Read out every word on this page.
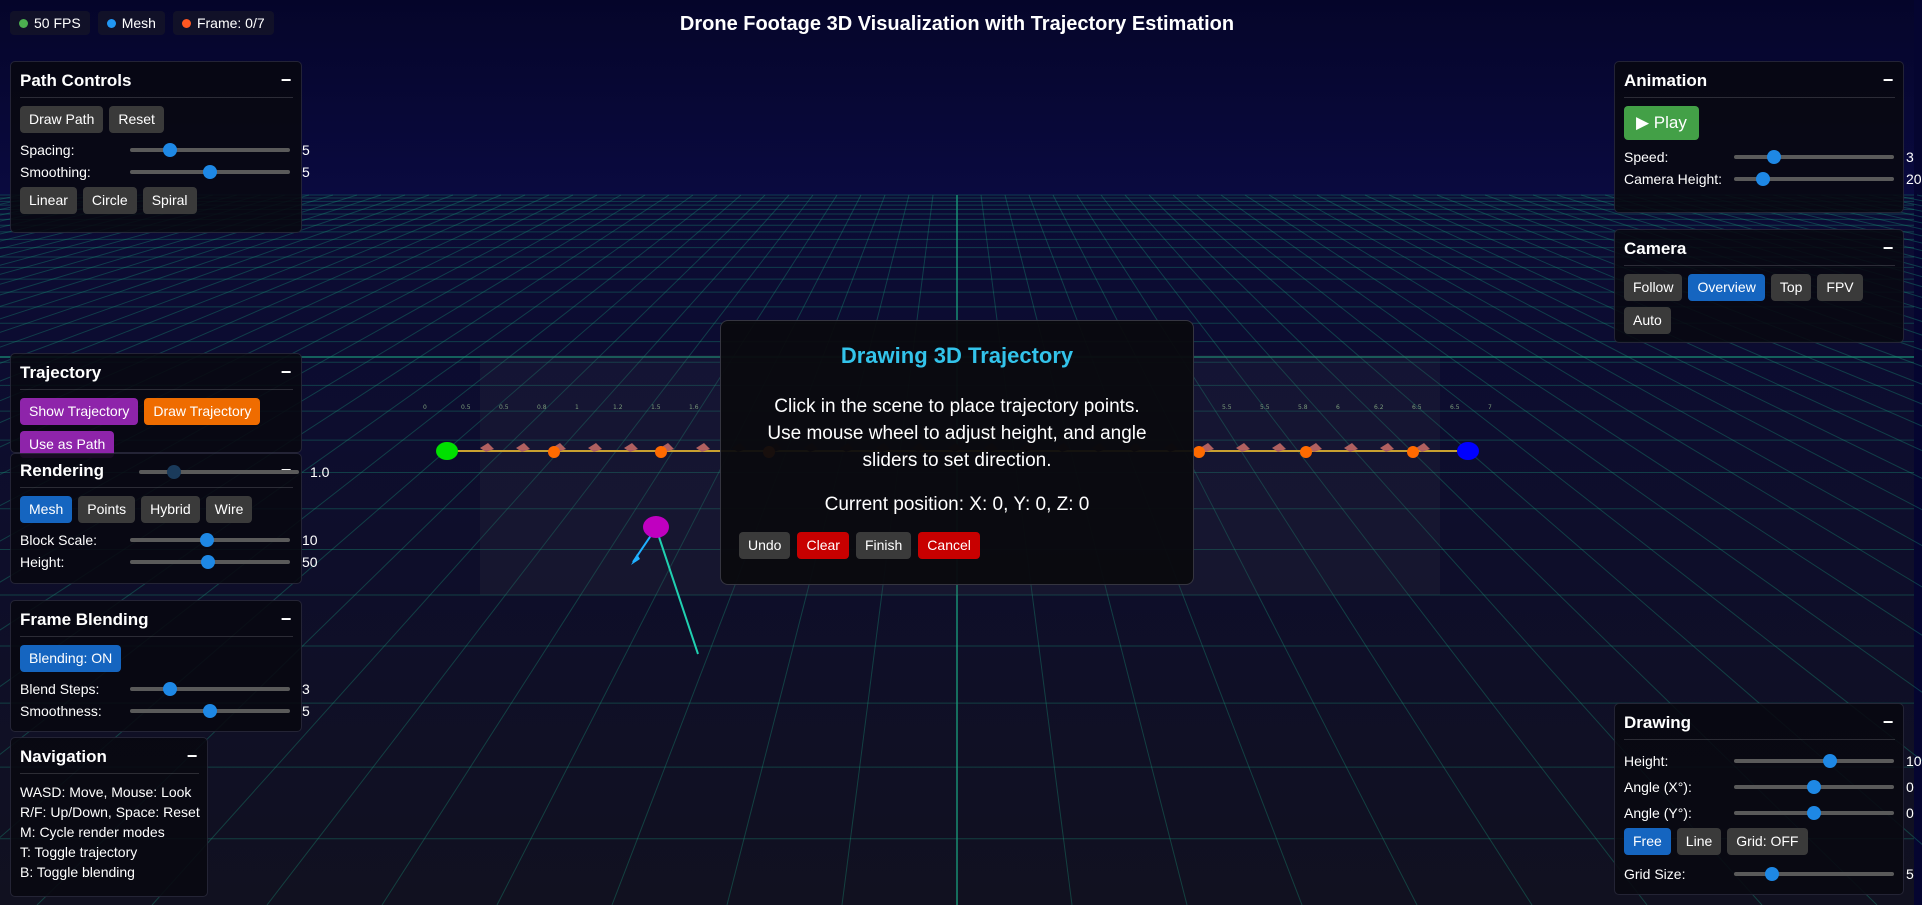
0	0.5	0.5	0.8	1	1.2	1.5	1.6	5.5	5.5	5.8	6	6.2	6.5	6.5	7
Drone Footage 3D Visualization with Trajectory Estimation
50 FPS	Mesh	Frame: 0/7
Path Controls	−
Draw Path	Reset
Spacing:	5
Smoothing:	5
Linear	Circle	Spiral
Trajectory	−
Show Trajectory	Draw Trajectory
Use as Path
Rendering	1.0
Mesh	Points	Hybrid	Wire
Block Scale:	10
Height:	50
Frame Blending	−
Blending: ON
Blend Steps:	3
Smoothness:	5
Navigation	−
WASD: Move, Mouse: Look
R/F: Up/Down, Space: Reset
M: Cycle render modes
T: Toggle trajectory
B: Toggle blending
Animation	−
▶ Play
Speed:	3
Camera Height:	20
Camera	−
Follow	Overview	Top	FPV
Auto
Drawing	−
Height:	10
Angle (X°):	0
Angle (Y°):	0
Free	Line	Grid: OFF
Grid Size:	5
Drawing 3D Trajectory
Click in the scene to place trajectory points.
Use mouse wheel to adjust height, and angle
sliders to set direction.
Current position: X: 0, Y: 0, Z: 0
Undo	Clear	Finish	Cancel
